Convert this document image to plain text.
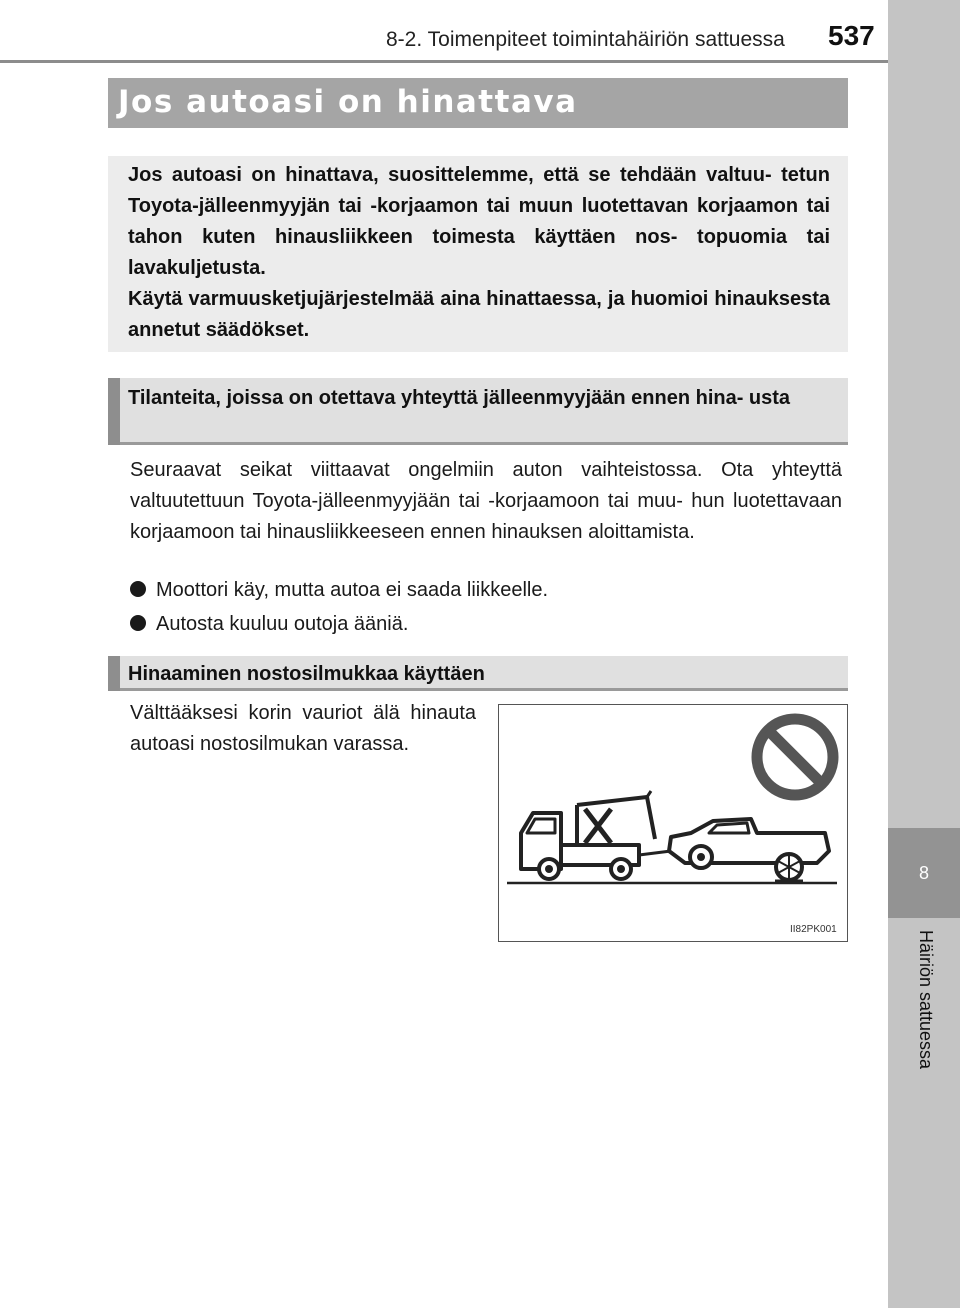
8-2. Toimenpiteet toimintahäiriön sattuessa 537
8
Häiriön sattuessa
Jos autoasi on hinattava

Jos autoasi on hinattava, suosittelemme, että se tehdään valtuu- tetun Toyota-jälleenmyyjän tai -korjaamon tai muun luotettavan korjaamon tai tahon kuten hinausliikkeen toimesta käyttäen nos- topuomia tai lavakuljetusta.

Käytä varmuusketjujärjestelmää aina hinattaessa, ja huomioi hinauksesta annetut säädökset.

Tilanteita, joissa on otettava yhteyttä jälleenmyyjään ennen hina- usta
Seuraavat seikat viittaavat ongelmiin auton vaihteistossa. Ota yhteyttä valtuutettuun Toyota-jälleenmyyjään tai -korjaamoon tai muu- hun luotettavaan korjaamoon tai hinausliikkeeseen ennen hinauksen aloittamista.
Moottori käy, mutta autoa ei saada liikkeelle.
Autosta kuuluu outoja ääniä.
Hinaaminen nostosilmukkaa käyttäen
Välttääksesi korin vauriot älä hinauta autoasi nostosilmukan varassa.
II82PK001
